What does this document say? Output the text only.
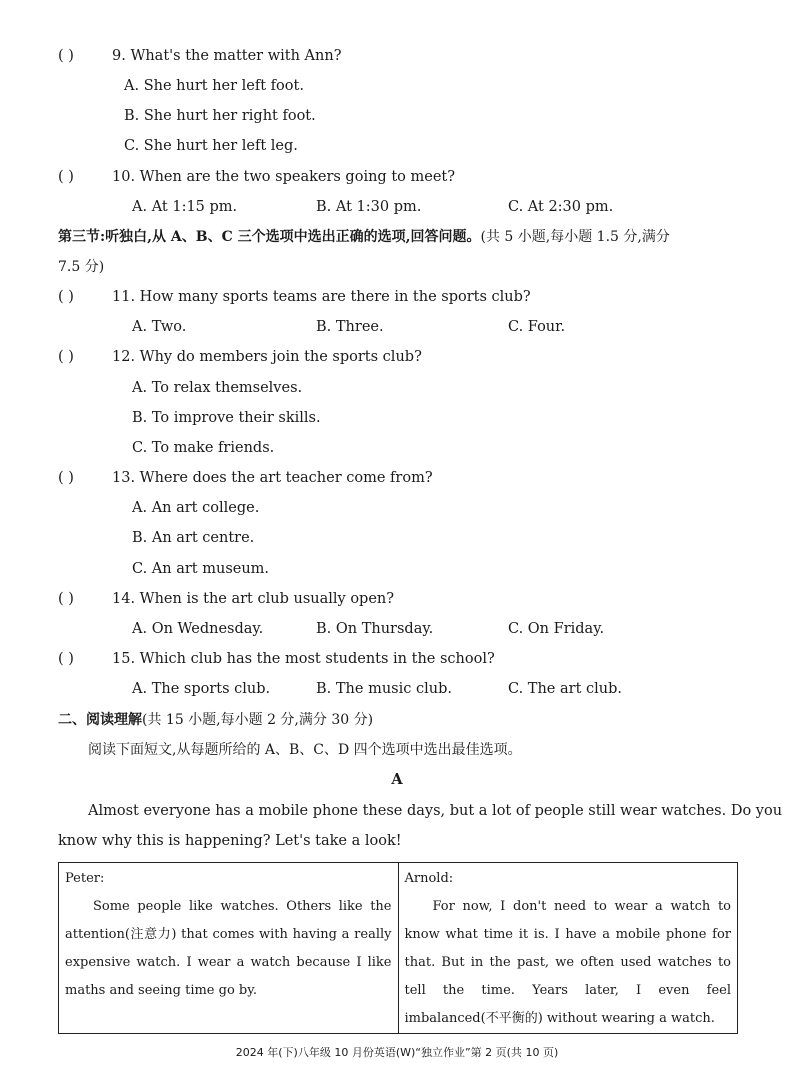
( )	9. What's the matter with Ann?
A. She hurt her left foot.
B. She hurt her right foot.
C. She hurt her left leg.
( )	10. When are the two speakers going to meet?
A. At 1:15 pm.	B. At 1:30 pm.	C. At 2:30 pm.
第三节:听独白,从 A、B、C 三个选项中选出正确的选项,回答问题。(共 5 小题,每小题 1.5 分,满分
7.5 分)
( )	11. How many sports teams are there in the sports club?
A. Two.	B. Three.	C. Four.
( )	12. Why do members join the sports club?
A. To relax themselves.
B. To improve their skills.
C. To make friends.
( )	13. Where does the art teacher come from?
A. An art college.
B. An art centre.
C. An art museum.
( )	14. When is the art club usually open?
A. On Wednesday.	B. On Thursday.	C. On Friday.
( )	15. Which club has the most students in the school?
A. The sports club.	B. The music club.	C. The art club.
二、阅读理解(共 15 小题,每小题 2 分,满分 30 分)
阅读下面短文,从每题所给的 A、B、C、D 四个选项中选出最佳选项。
A
Almost everyone has a mobile phone these days, but a lot of people still wear watches. Do you
know why this is happening? Let's take a look!
Peter:
Some people like watches. Others like the attention(注意力) that comes with having a really expensive watch. I wear a watch because I like maths and seeing time go by.

Arnold:
For now, I don't need to wear a watch to know what time it is. I have a mobile phone for that. But in the past, we often used watches to tell the time. Years later, I even feel imbalanced(不平衡的) without wearing a watch.
2024 年(下)八年级 10 月份英语(W)“独立作业”第 2 页(共 10 页)
